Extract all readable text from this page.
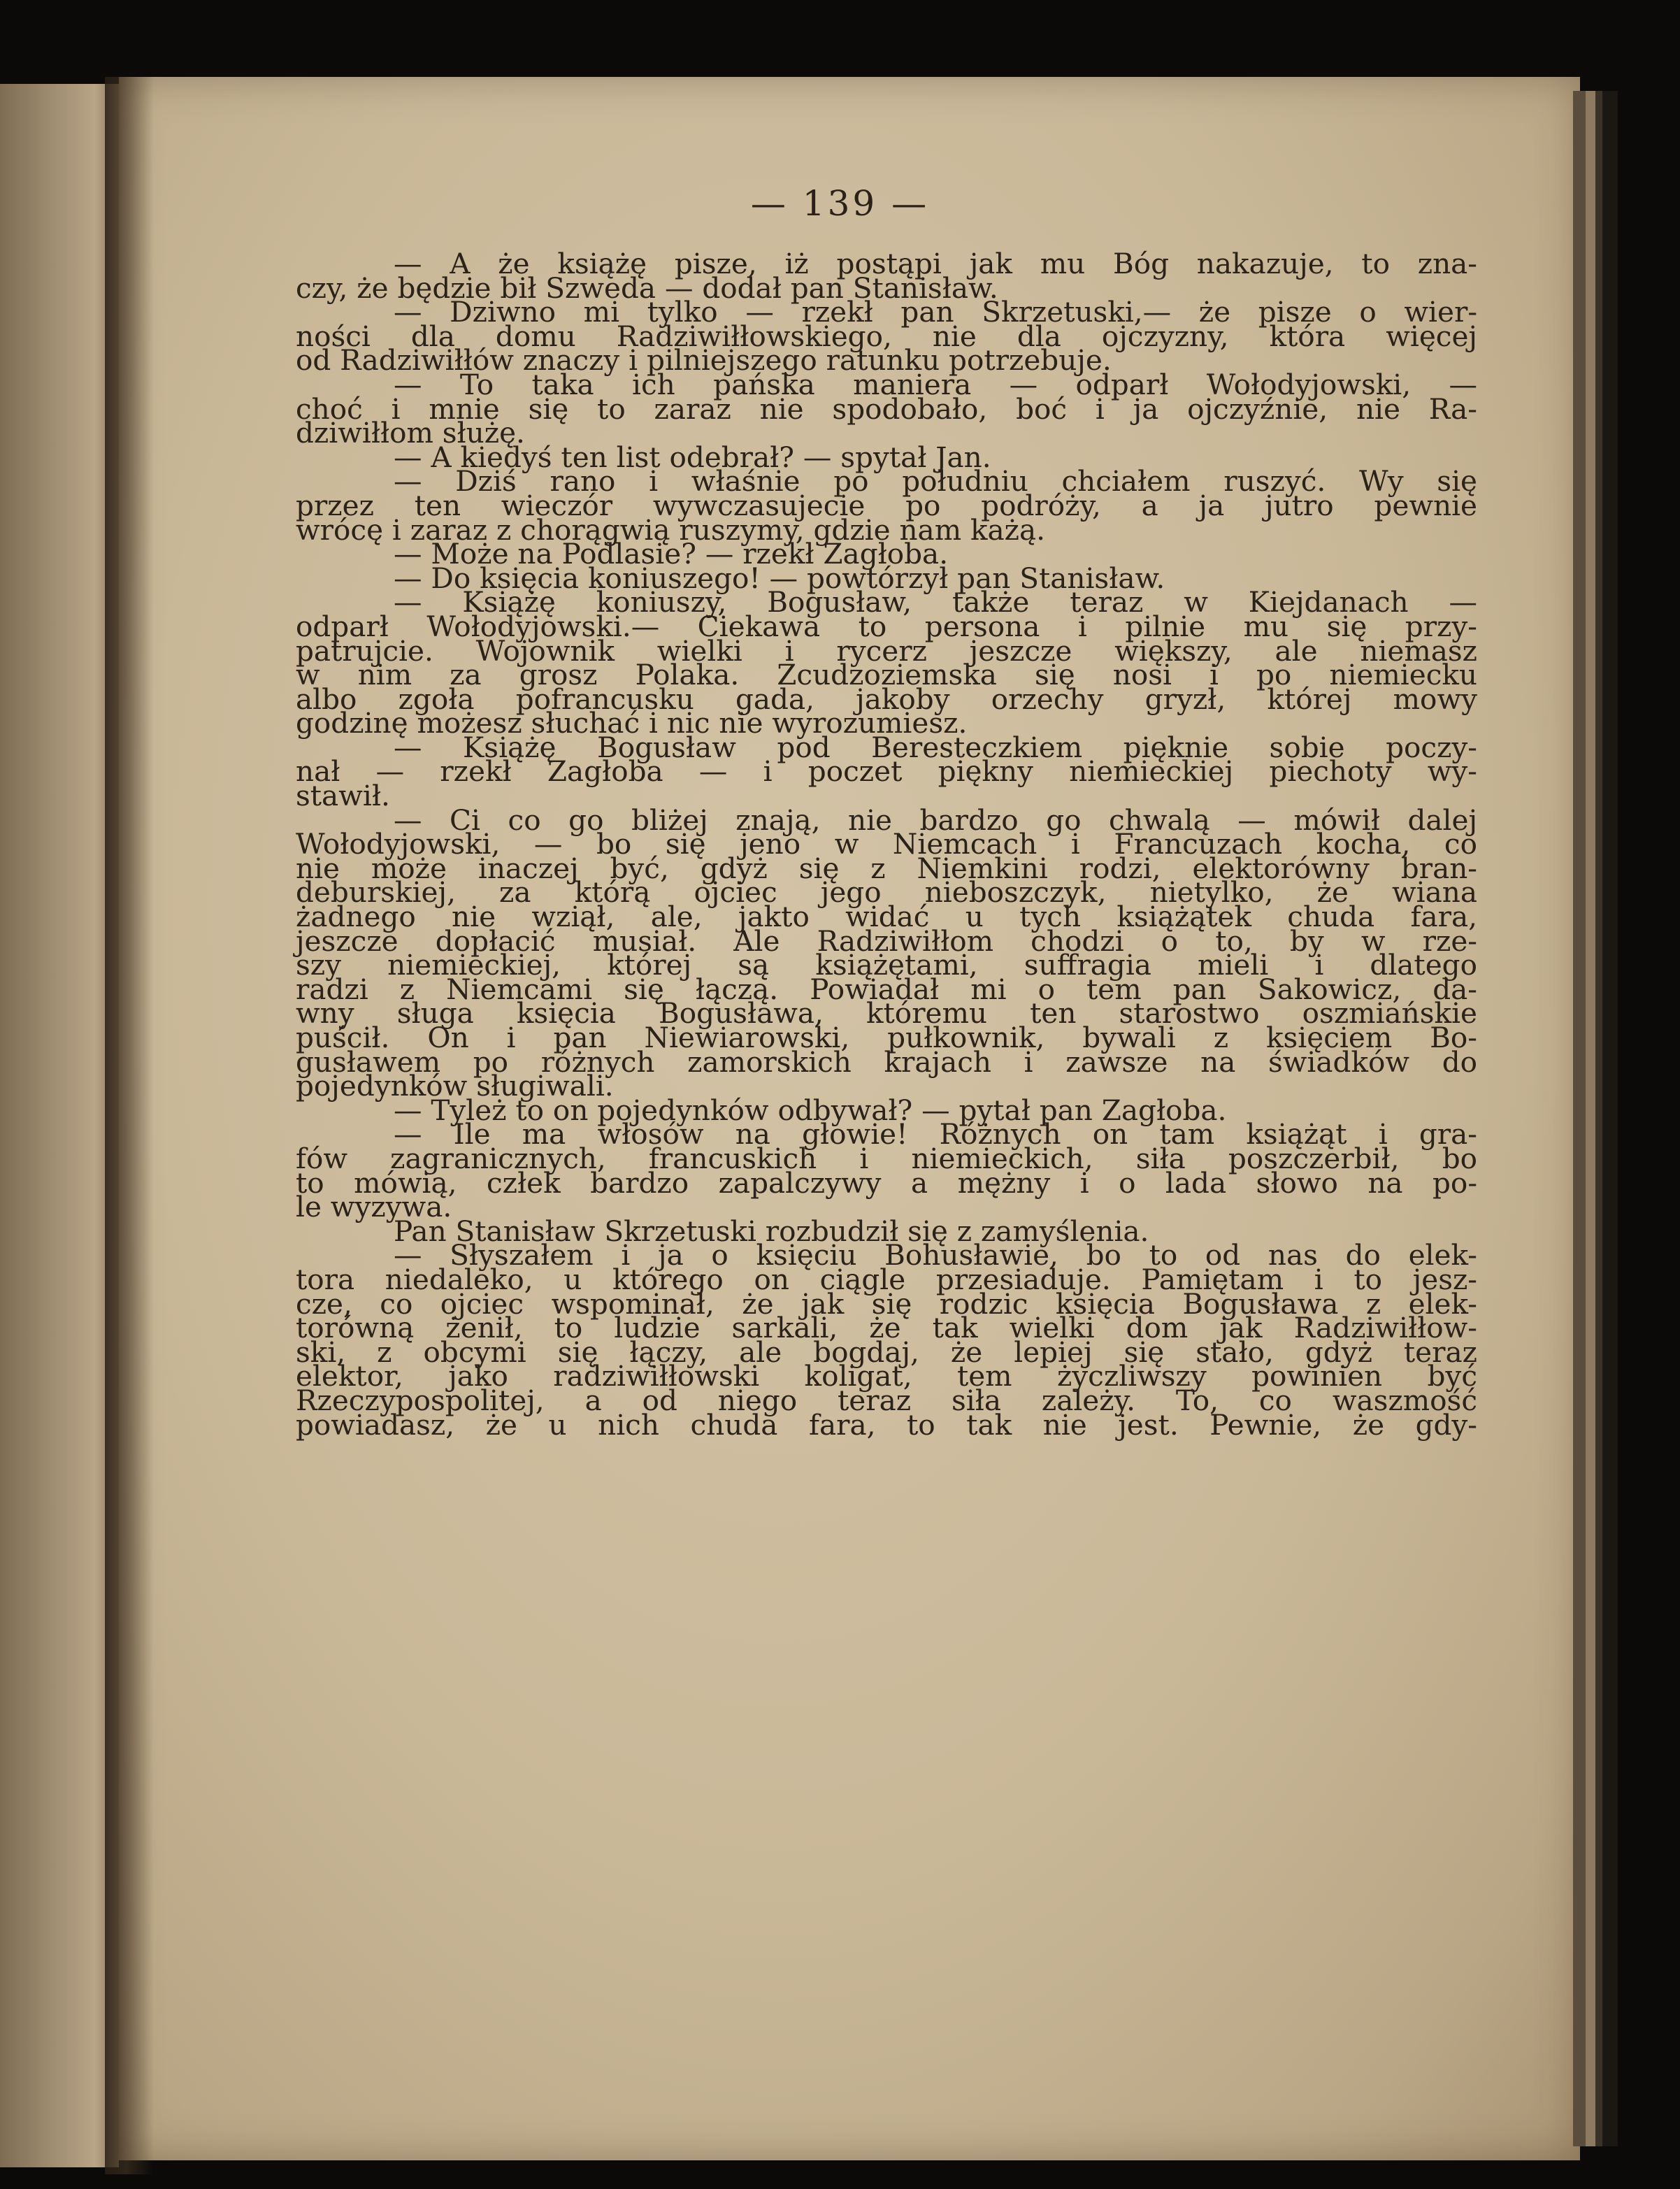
— 139 —
— A że książę pisze, iż postąpi jak mu Bóg nakazuje, to zna-
czy, że będzie bił Szweda — dodał pan Stanisław.
— Dziwno mi tylko — rzekł pan Skrzetuski,— że pisze o wier-
ności dla domu Radziwiłłowskiego, nie dla ojczyzny, która więcej
od Radziwiłłów znaczy i pilniejszego ratunku potrzebuje.
— To taka ich pańska maniera — odparł Wołodyjowski, —
choć i mnie się to zaraz nie spodobało, boć i ja ojczyźnie, nie Ra-
dziwiłłom służę.
— A kiedyś ten list odebrał? — spytał Jan.
— Dziś rano i właśnie po południu chciałem ruszyć. Wy się
przez ten wieczór wywczasujecie po podróży, a ja jutro pewnie
wrócę i zaraz z chorągwią ruszymy, gdzie nam każą.
— Może na Podlasie? — rzekł Zagłoba.
— Do księcia koniuszego! — powtórzył pan Stanisław.
— Książę koniuszy, Bogusław, także teraz w Kiejdanach —
odparł Wołodyjowski.— Ciekawa to persona i pilnie mu się przy-
patrujcie. Wojownik wielki i rycerz jeszcze większy, ale niemasz
w nim za grosz Polaka. Zcudzoziemska się nosi i po niemiecku
albo zgoła pofrancusku gada, jakoby orzechy gryzł, której mowy
godzinę możesz słuchać i nic nie wyrozumiesz.
— Książę Bogusław pod Beresteczkiem pięknie sobie poczy-
nał — rzekł Zagłoba — i poczet piękny niemieckiej piechoty wy-
stawił.
— Ci co go bliżej znają, nie bardzo go chwalą — mówił dalej
Wołodyjowski, — bo się jeno w Niemcach i Francuzach kocha, co
nie może inaczej być, gdyż się z Niemkini rodzi, elektorówny bran-
deburskiej, za którą ojciec jego nieboszczyk, nietylko, że wiana
żadnego nie wziął, ale, jakto widać u tych książątek chuda fara,
jeszcze dopłacić musiał. Ale Radziwiłłom chodzi o to, by w rze-
szy niemieckiej, której są książętami, suffragia mieli i dlatego
radzi z Niemcami się łączą. Powiadał mi o tem pan Sakowicz, da-
wny sługa księcia Bogusława, któremu ten starostwo oszmiańskie
puścił. On i pan Niewiarowski, pułkownik, bywali z księciem Bo-
gusławem po różnych zamorskich krajach i zawsze na świadków do
pojedynków sługiwali.
— Tyleż to on pojedynków odbywał? — pytał pan Zagłoba.
— Ile ma włosów na głowie! Różnych on tam książąt i gra-
fów zagranicznych, francuskich i niemieckich, siła poszczerbił, bo
to mówią, człek bardzo zapalczywy a mężny i o lada słowo na po-
le wyzywa.
Pan Stanisław Skrzetuski rozbudził się z zamyślenia.
— Słyszałem i ja o księciu Bohusławie, bo to od nas do elek-
tora niedaleko, u którego on ciągle przesiaduje. Pamiętam i to jesz-
cze, co ojciec wspominał, że jak się rodzic księcia Bogusława z elek-
torówną żenił, to ludzie sarkali, że tak wielki dom jak Radziwiłłow-
ski, z obcymi się łączy, ale bogdaj, że lepiej się stało, gdyż teraz
elektor, jako radziwiłłowski koligat, tem życzliwszy powinien być
Rzeczypospolitej, a od niego teraz siła zależy. To, co waszmość
powiadasz, że u nich chuda fara, to tak nie jest. Pewnie, że gdy-
